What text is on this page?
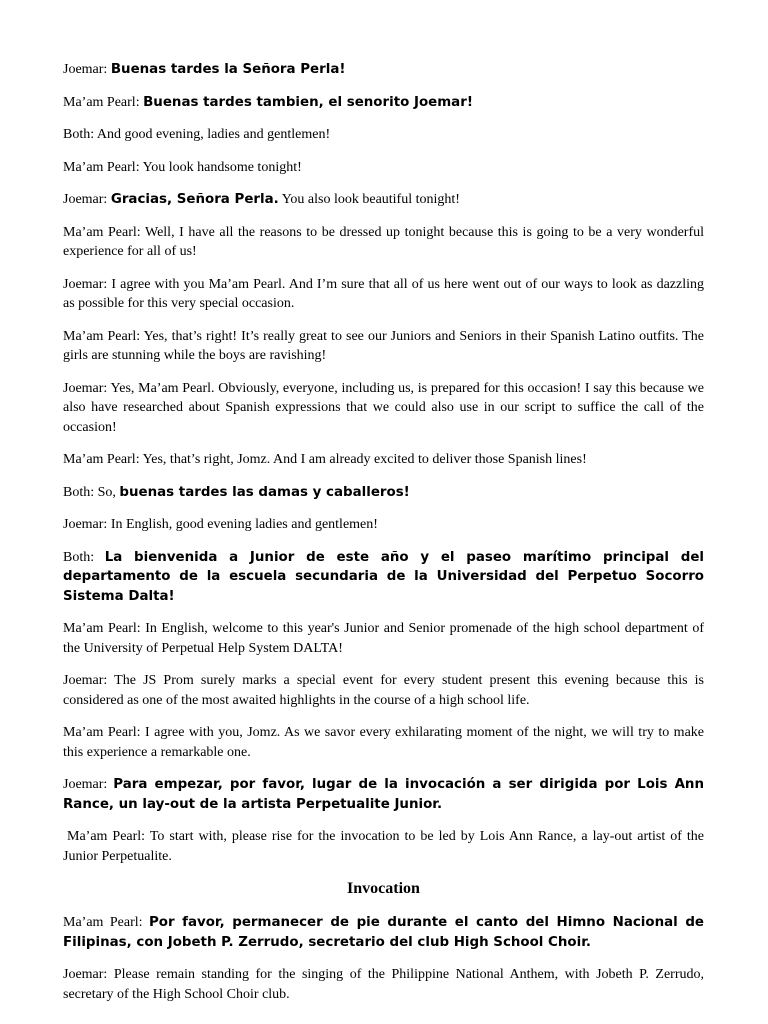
Joemar: Buenas tardes la Señora Perla!

Ma’am Pearl: Buenas tardes tambien, el senorito Joemar!

Both: And good evening, ladies and gentlemen!

Ma’am Pearl: You look handsome tonight!

Joemar: Gracias, Señora Perla. You also look beautiful tonight!

Ma’am Pearl: Well, I have all the reasons to be dressed up tonight because this is going to be a very wonderful experience for all of us!

Joemar: I agree with you Ma’am Pearl. And I’m sure that all of us here went out of our ways to look as dazzling as possible for this very special occasion.

Ma’am Pearl: Yes, that’s right! It’s really great to see our Juniors and Seniors in their Spanish Latino outfits. The girls are stunning while the boys are ravishing!

Joemar: Yes, Ma’am Pearl. Obviously, everyone, including us, is prepared for this occasion! I say this because we also have researched about Spanish expressions that we could also use in our script to suffice the call of the occasion!

Ma’am Pearl: Yes, that’s right, Jomz. And I am already excited to deliver those Spanish lines!

Both: So, buenas tardes las damas y caballeros!

Joemar: In English, good evening ladies and gentlemen!

Both: La bienvenida a Junior de este año y el paseo marítimo principal del departamento de la escuela secundaria de la Universidad del Perpetuo Socorro Sistema Dalta!

Ma’am Pearl: In English, welcome to this year's Junior and Senior promenade of the high school department of the University of Perpetual Help System DALTA!

Joemar: The JS Prom surely marks a special event for every student present this evening because this is considered as one of the most awaited highlights in the course of a high school life.

Ma’am Pearl: I agree with you, Jomz. As we savor every exhilarating moment of the night, we will try to make this experience a remarkable one.

Joemar: Para empezar, por favor, lugar de la invocación a ser dirigida por Lois Ann Rance, un lay-out de la artista Perpetualite Junior.

Ma’am Pearl: To start with, please rise for the invocation to be led by Lois Ann Rance, a lay-out artist of the Junior Perpetualite.

Invocation

Ma’am Pearl: Por favor, permanecer de pie durante el canto del Himno Nacional de Filipinas, con Jobeth P. Zerrudo, secretario del club High School Choir.

Joemar: Please remain standing for the singing of the Philippine National Anthem, with Jobeth P. Zerrudo, secretary of the High School Choir club.
